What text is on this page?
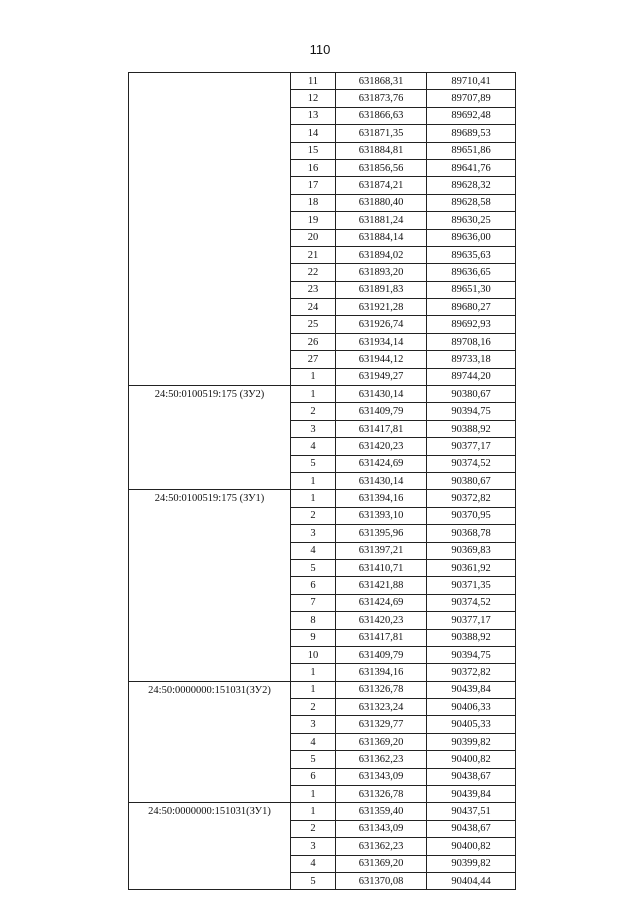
110
	11	631868,31	89710,41
	12	631873,76	89707,89
	13	631866,63	89692,48
	14	631871,35	89689,53
	15	631884,81	89651,86
	16	631856,56	89641,76
	17	631874,21	89628,32
	18	631880,40	89628,58
	19	631881,24	89630,25
	20	631884,14	89636,00
	21	631894,02	89635,63
	22	631893,20	89636,65
	23	631891,83	89651,30
	24	631921,28	89680,27
	25	631926,74	89692,93
	26	631934,14	89708,16
	27	631944,12	89733,18
	1	631949,27	89744,20

24:50:0100519:175 (ЗУ2)	1	631430,14	90380,67
	2	631409,79	90394,75
	3	631417,81	90388,92
	4	631420,23	90377,17
	5	631424,69	90374,52
	1	631430,14	90380,67

24:50:0100519:175 (ЗУ1)	1	631394,16	90372,82
	2	631393,10	90370,95
	3	631395,96	90368,78
	4	631397,21	90369,83
	5	631410,71	90361,92
	6	631421,88	90371,35
	7	631424,69	90374,52
	8	631420,23	90377,17
	9	631417,81	90388,92
	10	631409,79	90394,75
	1	631394,16	90372,82

24:50:0000000:151031(ЗУ2)	1	631326,78	90439,84
	2	631323,24	90406,33
	3	631329,77	90405,33
	4	631369,20	90399,82
	5	631362,23	90400,82
	6	631343,09	90438,67
	1	631326,78	90439,84

24:50:0000000:151031(ЗУ1)	1	631359,40	90437,51
	2	631343,09	90438,67
	3	631362,23	90400,82
	4	631369,20	90399,82
	5	631370,08	90404,44
